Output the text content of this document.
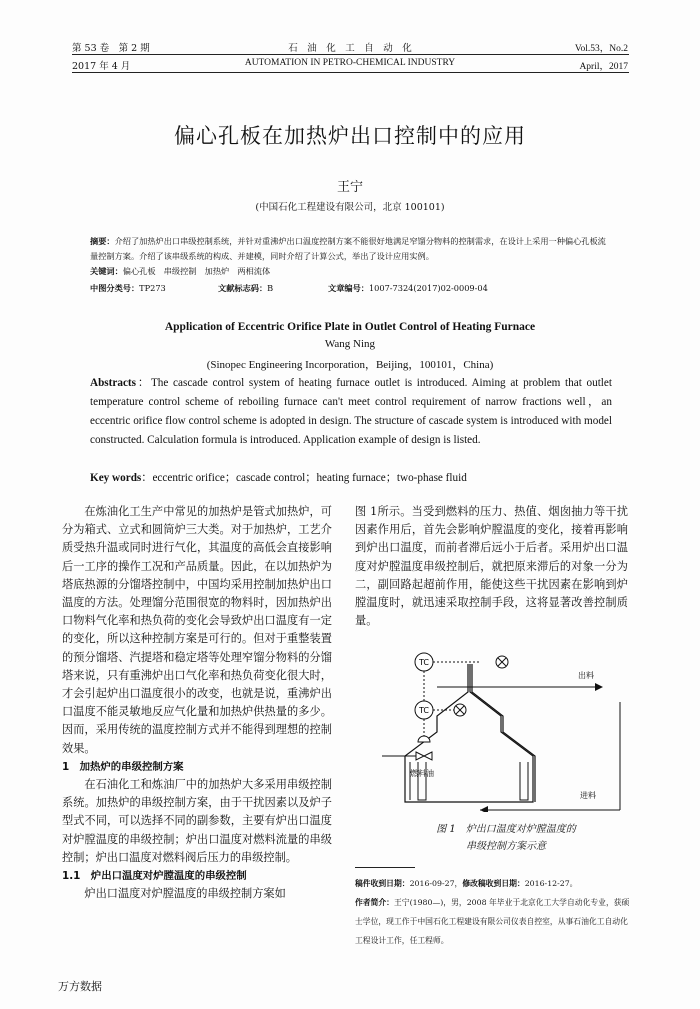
第 53 卷　第 2 期
2017 年 4 月
石　油　化　工　自　动　化
AUTOMATION IN PETRO-CHEMICAL INDUSTRY
Vol.53，No.2
April，2017
偏心孔板在加热炉出口控制中的应用
王宁
(中国石化工程建设有限公司，北京 100101)
摘要：介绍了加热炉出口串级控制系统，并针对重沸炉出口温度控制方案不能很好地满足窄馏分物料的控制需求，在设计上采用一种偏心孔板流量控制方案。介绍了该串级系统的构成、并建模，同时介绍了计算公式，举出了设计应用实例。
关键词：偏心孔板　串级控制　加热炉　两相流体
中图分类号：TP273	文献标志码：B	文章编号：1007-7324(2017)02-0009-04
Application of Eccentric Orifice Plate in Outlet Control of Heating Furnace
Wang Ning
(Sinopec Engineering Incorporation，Beijing，100101，China)
Abstracts：The cascade control system of heating furnace outlet is introduced. Aiming at problem that outlet temperature control scheme of reboiling furnace can't meet control requirement of narrow fractions well，an eccentric orifice flow control scheme is adopted in design. The structure of cascade system is introduced with model constructed. Calculation formula is introduced. Application example of design is listed.
Key words：eccentric orifice；cascade control；heating furnace；two-phase fluid

在炼油化工生产中常见的加热炉是管式加热炉，可分为箱式、立式和圆筒炉三大类。对于加热炉，工艺介质受热升温或同时进行气化，其温度的高低会直接影响后一工序的操作工况和产品质量。因此，在以加热炉为塔底热源的分馏塔控制中，中国均采用控制加热炉出口温度的方法。处理馏分范围很宽的物料时，因加热炉出口物料气化率和热负荷的变化会导致炉出口温度有一定的变化，所以这种控制方案是可行的。但对于重整装置的预分馏塔、汽提塔和稳定塔等处理窄馏分物料的分馏塔来说，只有重沸炉出口气化率和热负荷变化很大时，才会引起炉出口温度很小的改变，也就是说，重沸炉出口温度不能灵敏地反应气化量和加热炉供热量的多少。因而，采用传统的温度控制方式并不能得到理想的控制效果。

1　加热炉的串级控制方案

在石油化工和炼油厂中的加热炉大多采用串级控制系统。加热炉的串级控制方案，由于干扰因素以及炉子型式不同，可以选择不同的副参数，主要有炉出口温度对炉膛温度的串级控制；炉出口温度对燃料流量的串级控制；炉出口温度对燃料阀后压力的串级控制。

1.1　炉出口温度对炉膛温度的串级控制

炉出口温度对炉膛温度的串级控制方案如

图 1所示。当受到燃料的压力、热值、烟囱抽力等干扰因素作用后，首先会影响炉膛温度的变化，接着再影响到炉出口温度，而前者滞后远小于后者。采用炉出口温度对炉膛温度串级控制后，就把原来滞后的对象一分为二，副回路起超前作用，能使这些干扰因素在影响到炉膛温度时，就迅速采取控制手段，这将显著改善控制质量。

TC
出料
TC
燃料油
进料
图 1　炉出口温度对炉膛温度的
串级控制方案示意
稿件收到日期：2016-09-27，修改稿收到日期：2016-12-27。
作者简介：王宁(1980—)，男，2008 年毕业于北京化工大学自动化专业，获硕士学位，现工作于中国石化工程建设有限公司仪表自控室，从事石油化工自动化工程设计工作，任工程师。
万方数据
